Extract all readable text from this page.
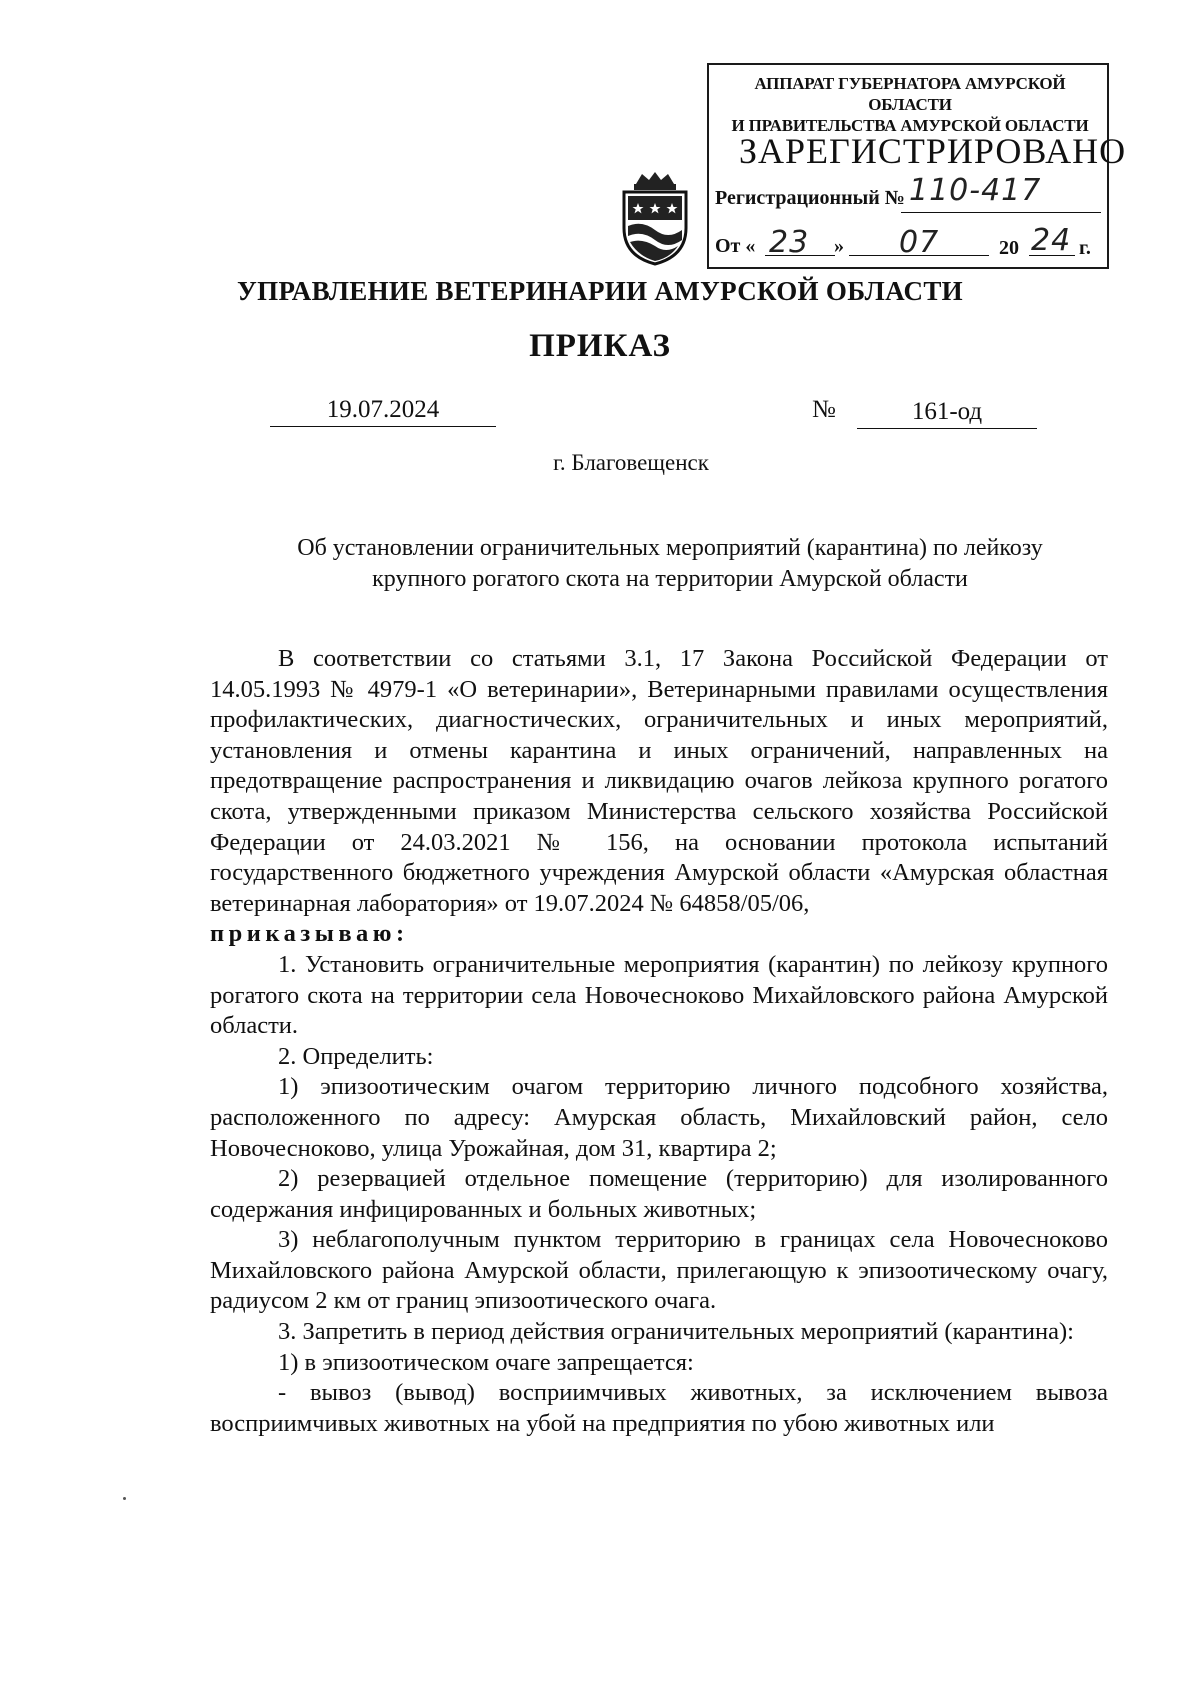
АППАРАТ ГУБЕРНАТОРА АМУРСКОЙ ОБЛАСТИ
И ПРАВИТЕЛЬСТВА АМУРСКОЙ ОБЛАСТИ
ЗАРЕГИСТРИРОВАНО
Регистрационный № 110-417
От « 23 » 07	20 24 г.
УПРАВЛЕНИЕ ВЕТЕРИНАРИИ АМУРСКОЙ ОБЛАСТИ
ПРИКАЗ
19.07.2024	№	161-од
г. Благовещенск
Об установлении ограничительных мероприятий (карантина) по лейкозу крупного рогатого скота на территории Амурской области

В соответствии со статьями 3.1, 17 Закона Российской Федерации от 14.05.1993 № 4979-1 «О ветеринарии», Ветеринарными правилами осуществления профилактических, диагностических, ограничительных и иных мероприятий, установления и отмены карантина и иных ограничений, направленных на предотвращение распространения и ликвидацию очагов лейкоза крупного рогатого скота, утвержденными приказом Министерства сельского хозяйства Российской Федерации от 24.03.2021 № 156, на основании протокола испытаний государственного бюджетного учреждения Амурской области «Амурская областная ветеринарная лаборатория» от 19.07.2024 № 64858/05/06,

приказываю:

1. Установить ограничительные мероприятия (карантин) по лейкозу крупного рогатого скота на территории села Новочесноково Михайловского района Амурской области.

2. Определить:

1) эпизоотическим очагом территорию личного подсобного хозяйства, расположенного по адресу: Амурская область, Михайловский район, село Новочесноково, улица Урожайная, дом 31, квартира 2;

2) резервацией отдельное помещение (территорию) для изолированного содержания инфицированных и больных животных;

3) неблагополучным пунктом территорию в границах села Новочесноково Михайловского района Амурской области, прилегающую к эпизоотическому очагу, радиусом 2 км от границ эпизоотического очага.

3. Запретить в период действия ограничительных мероприятий (карантина):

1) в эпизоотическом очаге запрещается:

- вывоз (вывод) восприимчивых животных, за исключением вывоза восприимчивых животных на убой на предприятия по убою животных или
